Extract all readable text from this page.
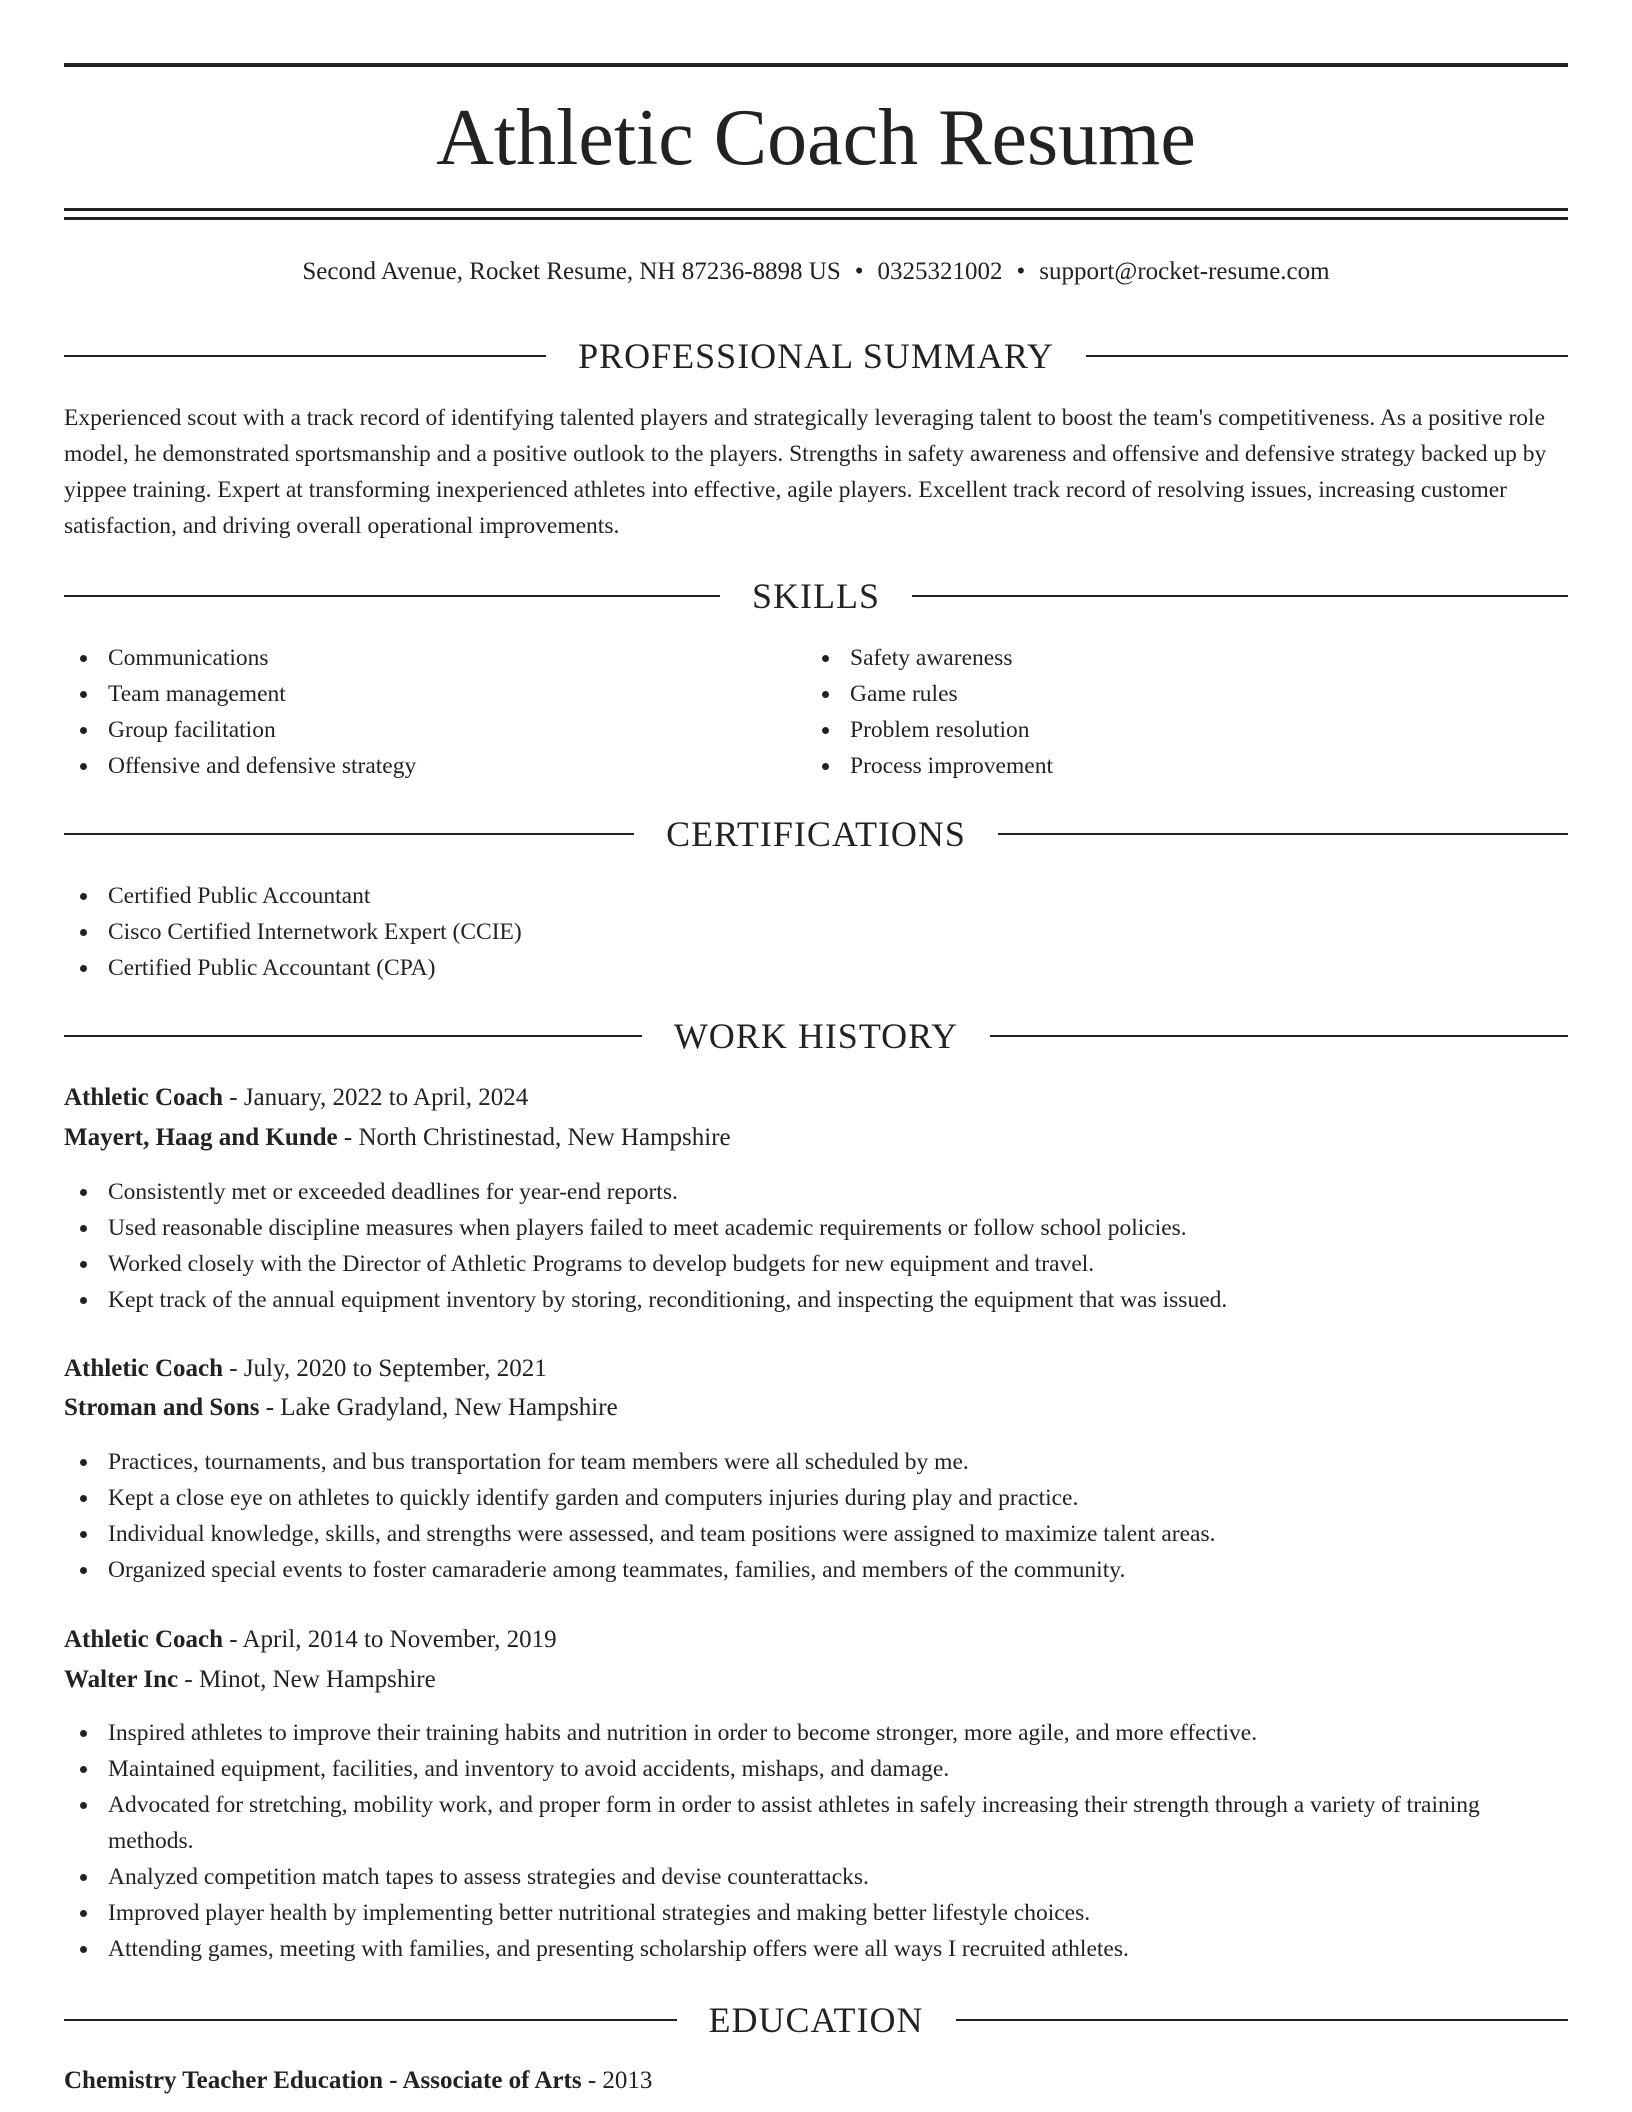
Athletic Coach Resume
Second Avenue, Rocket Resume, NH 87236-8898 US • 0325321002 • support@rocket-resume.com
PROFESSIONAL SUMMARY

Experienced scout with a track record of identifying talented players and strategically leveraging talent to boost the team's competitiveness. As a positive role model, he demonstrated sportsmanship and a positive outlook to the players. Strengths in safety awareness and offensive and defensive strategy backed up by yippee training. Expert at transforming inexperienced athletes into effective, agile players. Excellent track record of resolving issues, increasing customer satisfaction, and driving overall operational improvements.

SKILLS
Communications
Team management
Group facilitation
Offensive and defensive strategy
Safety awareness
Game rules
Problem resolution
Process improvement
CERTIFICATIONS
Certified Public Accountant
Cisco Certified Internetwork Expert (CCIE)
Certified Public Accountant (CPA)
WORK HISTORY
Athletic Coach - January, 2022 to April, 2024
Mayert, Haag and Kunde - North Christinestad, New Hampshire
Consistently met or exceeded deadlines for year-end reports.
Used reasonable discipline measures when players failed to meet academic requirements or follow school policies.
Worked closely with the Director of Athletic Programs to develop budgets for new equipment and travel.
Kept track of the annual equipment inventory by storing, reconditioning, and inspecting the equipment that was issued.
Athletic Coach - July, 2020 to September, 2021
Stroman and Sons - Lake Gradyland, New Hampshire
Practices, tournaments, and bus transportation for team members were all scheduled by me.
Kept a close eye on athletes to quickly identify garden and computers injuries during play and practice.
Individual knowledge, skills, and strengths were assessed, and team positions were assigned to maximize talent areas.
Organized special events to foster camaraderie among teammates, families, and members of the community.
Athletic Coach - April, 2014 to November, 2019
Walter Inc - Minot, New Hampshire
Inspired athletes to improve their training habits and nutrition in order to become stronger, more agile, and more effective.
Maintained equipment, facilities, and inventory to avoid accidents, mishaps, and damage.
Advocated for stretching, mobility work, and proper form in order to assist athletes in safely increasing their strength through a variety of training methods.
Analyzed competition match tapes to assess strategies and devise counterattacks.
Improved player health by implementing better nutritional strategies and making better lifestyle choices.
Attending games, meeting with families, and presenting scholarship offers were all ways I recruited athletes.
EDUCATION
Chemistry Teacher Education - Associate of Arts - 2013
